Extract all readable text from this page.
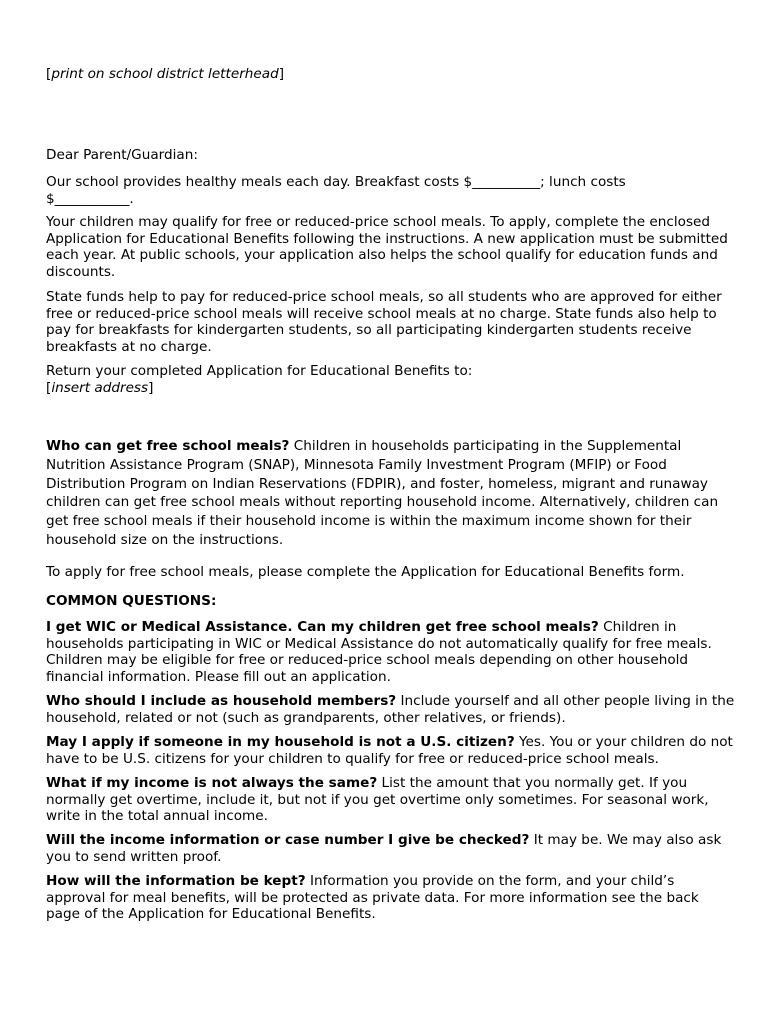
[print on school district letterhead]

Dear Parent/Guardian:

Our school provides healthy meals each day. Breakfast costs $__________; lunch costs $___________.

Your children may qualify for free or reduced-price school meals. To apply, complete the enclosed Application for Educational Benefits following the instructions. A new application must be submitted each year. At public schools, your application also helps the school qualify for education funds and discounts.

State funds help to pay for reduced-price school meals, so all students who are approved for either free or reduced-price school meals will receive school meals at no charge. State funds also help to pay for breakfasts for kindergarten students, so all participating kindergarten students receive breakfasts at no charge.

Return your completed Application for Educational Benefits to:
[insert address]

Who can get free school meals? Children in households participating in the Supplemental Nutrition Assistance Program (SNAP), Minnesota Family Investment Program (MFIP) or Food Distribution Program on Indian Reservations (FDPIR), and foster, homeless, migrant and runaway children can get free school meals without reporting household income. Alternatively, children can get free school meals if their household income is within the maximum income shown for their household size on the instructions.

To apply for free school meals, please complete the Application for Educational Benefits form.

COMMON QUESTIONS:

I get WIC or Medical Assistance. Can my children get free school meals? Children in households participating in WIC or Medical Assistance do not automatically qualify for free meals. Children may be eligible for free or reduced-price school meals depending on other household financial information. Please fill out an application.

Who should I include as household members? Include yourself and all other people living in the household, related or not (such as grandparents, other relatives, or friends).

May I apply if someone in my household is not a U.S. citizen? Yes. You or your children do not have to be U.S. citizens for your children to qualify for free or reduced-price school meals.

What if my income is not always the same? List the amount that you normally get. If you normally get overtime, include it, but not if you get overtime only sometimes. For seasonal work, write in the total annual income.

Will the income information or case number I give be checked? It may be. We may also ask you to send written proof.

How will the information be kept? Information you provide on the form, and your child’s approval for meal benefits, will be protected as private data. For more information see the back page of the Application for Educational Benefits.
